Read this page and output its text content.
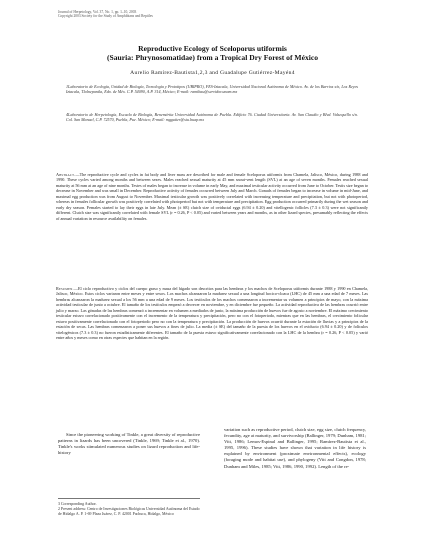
Journal of Herpetology, Vol. 37, No. 1, pp. 1–10, 2003
Copyright 2003 Society for the Study of Amphibians and Reptiles
Reproductive Ecology of Sceloporus utiformis
(Sauria: Phrynosomatidae) from a Tropical Dry Forest of México
Aurelio Ramírez-Bautista1,2,3 and Guadalupe Gutiérrez-Mayén4
1Laboratorio de Ecología, Unidad de Biología, Tecnología y Prototipos (UBIPRO), FES-Iztacala, Universidad Nacional Autónoma de México. Av. de los Barrios s/n, Los Reyes Iztacala, Tlalnepantla, Edo. de Méx. C.P. 54090, A.P. 314, México; E-mail: ramibau@servidor.unam.mx
4Laboratorio de Herpetología, Escuela de Biología, Benemérita Universidad Autónoma de Puebla. Edificio 76. Ciudad Universitaria. Av. San Claudio y Blvd. Valsequillo s/n. Col. San Manuel, C.P. 72570, Puebla, Pue. México; E-mail: mggutier@siu.buap.mx
Abstract.—The reproductive cycle and cycles in fat body and liver mass are described for male and female Sceloporus utiformis from Chamela, Jalisco, México, during 1988 and 1990. These cycles varied among months and between sexes. Males reached sexual maturity at 45 mm snout-vent length (SVL) at an age of seven months. Females reached sexual maturity at 56 mm at an age of nine months. Testes of males began to increase in volume in early May, and maximal testicular activity occurred from June to October. Testis size began to decrease in November and was small in December. Reproductive activity of females occurred between July and March. Gonads of females began to increase in volume in mid-June, and maximal egg production was from August to November. Maximal testicular growth was positively correlated with increasing temperature and precipitation, but not with photoperiod, whereas in females follicular growth was positively correlated with photoperiod but not with temperature and precipitation. Egg production occurred primarily during the wet season and early dry season. Females started to lay their eggs in late July. Mean (± SE) clutch size of oviductal eggs (6.94 ± 0.20) and vitellogenic follicles (7.3 ± 0.3) were not significantly different. Clutch size was significantly correlated with female SVL (r = 0.26, P < 0.05) and varied between years and months, as in other lizard species, presumably reflecting the effects of annual variation in resource availability on females.
Resumen.—El ciclo reproductivo y ciclos del cuerpo graso y masa del hígado son descritos para las hembras y los machos de Sceloporus utiformis durante 1988 y 1990 en Chamela, Jalisco, México. Estos ciclos variaron entre meses y entre sexos. Los machos alcanzaron la madurez sexual a una longitud hocico-cloaca (LHC) de 45 mm a una edad de 7 meses. Las hembras alcanzaron la madurez sexual a los 56 mm a una edad de 9 meses. Los testículos de los machos comenzaron a incrementar su volumen a principios de mayo, con la máxima actividad testicular de junio a octubre. El tamaño de los testículos empezó a decrecer en noviembre, y en diciembre fue pequeño. La actividad reproductiva de las hembras ocurrió entre julio y marzo. Las gónadas de las hembras comenzó a incrementar en volumen a mediados de junio, la máxima producción de huevos fue de agosto a noviembre. El máximo crecimiento testicular estuvo correlacionado positivamente con el incremento de la temperatura y precipitación, pero no con el fotoperiodo, mientras que en las hembras, el crecimiento folicular estuvo positivamente correlacionado con el fotoperiodo pero no con la temperatura y precipitación. La producción de huevos ocurrió durante la estación de lluvias y a principios de la estación de secas. Las hembras comenzaron a poner sus huevos a fines de julio. La media (± SE) del tamaño de la puesta de los huevos en el oviducto (6.94 ± 0.20) y de folículos vitelogénicos (7.3 ± 0.3) no fueron estadísticamente diferentes. El tamaño de la puesta estuvo significativamente correlacionado con la LHC de la hembra (r = 0.26, P < 0.05) y varió entre años y meses como en otras especies que habitan en la región.
Since the pioneering working of Tinkle, a great diversity of reproductive patterns in lizards has been uncovered (Tinkle, 1969; Tinkle et al., 1970). Tinkle's works stimulated numerous studies on lizard reproduction and life-history

3 Corresponding Author.

2 Present address: Centro de Investigaciones Biológicas Universidad Autónoma del Estado de Hidalgo A. P. 1-69 Plaza Juárez, C. P. 42001 Pachuca, Hidalgo, México

variation such as reproductive period, clutch size, egg size, clutch frequency, fecundity, age at maturity, and survivorship (Ballinger, 1979; Dunham, 1981; Vitt, 1986; Lemos-Espinal and Ballinger, 1995; Ramírez-Bautista et al., 1995, 1996). These studies have shown that variation in life history is explained by environment (proximate environmental effects), ecology (foraging mode and habitat use), and phylogeny (Vitt and Congdon, 1978; Dunham and Miles, 1985; Vitt, 1986, 1990, 1992). Length of the re-
